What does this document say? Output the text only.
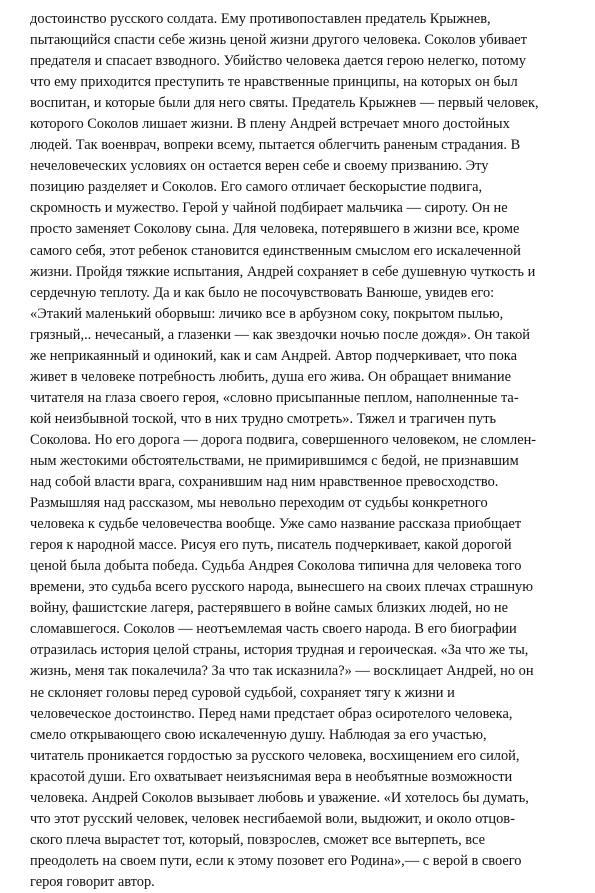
достоинство русского солдата. Ему противопоставлен предатель Крыжнев,
пытающийся спасти себе жизнь ценой жизни другого человека. Соколов убивает
предателя и спасает взводного. Убийство человека дается герою нелегко, потому
что ему приходится преступить те нравственные принципы, на которых он был
воспитан, и которые были для него святы. Предатель Крыжнев — первый человек,
которого Соколов лишает жизни. В плену Андрей встречает много достойных
людей. Так военврач, вопреки всему, пытается облегчить раненым страдания. В
нечеловеческих условиях он остается верен себе и своему призванию. Эту
позицию разделяет и Соколов. Его самого отличает бескорыстие подвига,
скромность и мужество. Герой у чайной подбирает мальчика — сироту. Он не
просто заменяет Соколову сына. Для человека, потерявшего в жизни все, кроме
самого себя, этот ребенок становится единственным смыслом его искалеченной
жизни. Пройдя тяжкие испытания, Андрей сохраняет в себе душевную чуткость и
сердечную теплоту. Да и как было не посочувствовать Ванюше, увидев его:
«Этакий маленький оборвыш: личико все в арбузном соку, покрытом пылью,
грязный,.. нечесаный, а глазенки — как звездочки ночью после дождя». Он такой
же неприкаянный и одинокий, как и сам Андрей. Автор подчеркивает, что пока
живет в человеке потребность любить, душа его жива. Он обращает внимание
читателя на глаза своего героя, «словно присыпанные пеплом, наполненные та-
кой неизбывной тоской, что в них трудно смотреть». Тяжел и трагичен путь
Соколова. Но его дорога — дорога подвига, совершенного человеком, не сломлен-
ным жестокими обстоятельствами, не примирившимся с бедой, не признавшим
над собой власти врага, сохранившим над ним нравственное превосходство.
Размышляя над рассказом, мы невольно переходим от судьбы конкретного
человека к судьбе человечества вообще. Уже само название рассказа приобщает
героя к народной массе. Рисуя его путь, писатель подчеркивает, какой дорогой
ценой была добыта победа. Судьба Андрея Соколова типична для человека того
времени, это судьба всего русского народа, вынесшего на своих плечах страшную
войну, фашистские лагеря, растерявшего в войне самых близких людей, но не
сломавшегося. Соколов — неотъемлемая часть своего народа. В его биографии
отразилась история целой страны, история трудная и героическая. «За что же ты,
жизнь, меня так покалечила? За что так исказнила?» — восклицает Андрей, но он
не склоняет головы перед суровой судьбой, сохраняет тягу к жизни и
человеческое достоинство. Перед нами предстает образ осиротелого человека,
смело открывающего свою искалеченную душу. Наблюдая за его участью,
читатель проникается гордостью за русского человека, восхищением его силой,
красотой души. Его охватывает неизъяснимая вера в необъятные возможности
человека. Андрей Соколов вызывает любовь и уважение. «И хотелось бы думать,
что этот русский человек, человек несгибаемой воли, выдюжит, и около отцов-
ского плеча вырастет тот, который, повзрослев, сможет все вытерпеть, все
преодолеть на своем пути, если к этому позовет его Родина»,— с верой в своего
героя говорит автор.
